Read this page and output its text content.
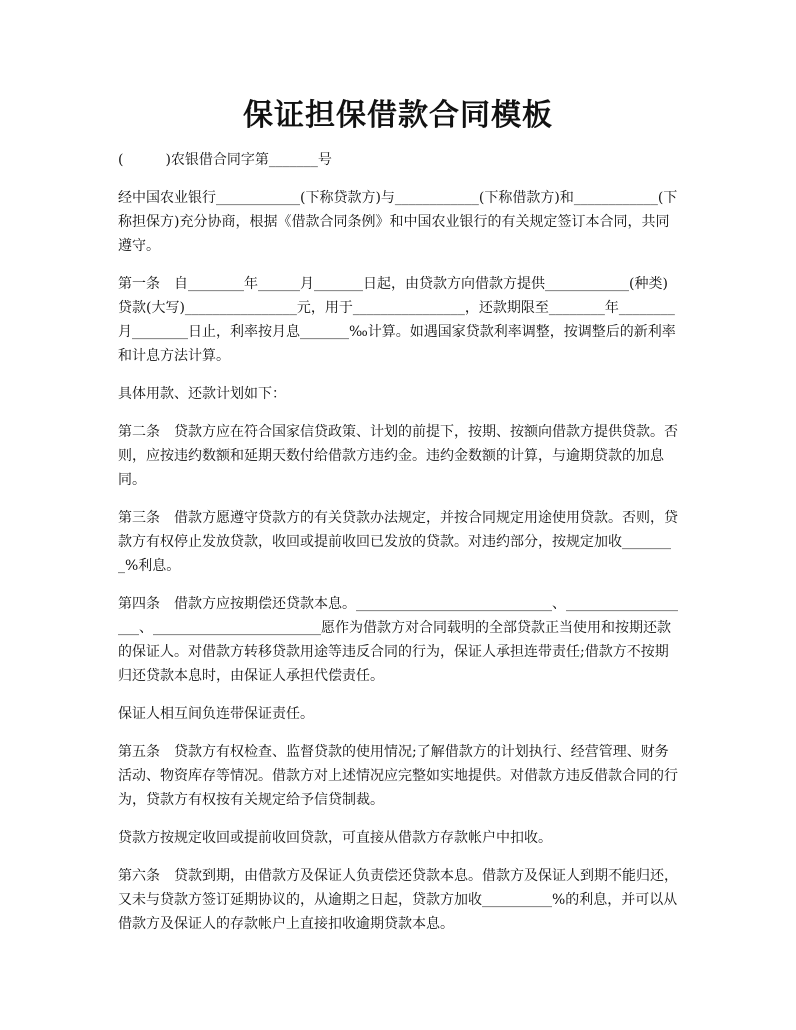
保证担保借款合同模板

(　　　)农银借合同字第_______号

经中国农业银行____________(下称贷款方)与____________(下称借款方)和____________(下称担保方)充分协商，根据《借款合同条例》和中国农业银行的有关规定签订本合同，共同遵守。

第一条　自________年______月_______日起，由贷款方向借款方提供____________(种类)贷款(大写)________________元，用于________________，还款期限至________年________月________日止，利率按月息_______‰计算。如遇国家贷款利率调整，按调整后的新利率和计息方法计算。

具体用款、还款计划如下：

第二条　贷款方应在符合国家信贷政策、计划的前提下，按期、按额向借款方提供贷款。否则，应按违约数额和延期天数付给借款方违约金。违约金数额的计算，与逾期贷款的加息同。

第三条　借款方愿遵守贷款方的有关贷款办法规定，并按合同规定用途使用贷款。否则，贷款方有权停止发放贷款，收回或提前收回已发放的贷款。对违约部分，按规定加收________%利息。

第四条　借款方应按期偿还贷款本息。____________________________、___________________、________________________愿作为借款方对合同载明的全部贷款正当使用和按期还款的保证人。对借款方转移贷款用途等违反合同的行为，保证人承担连带责任;借款方不按期归还贷款本息时，由保证人承担代偿责任。

保证人相互间负连带保证责任。

第五条　贷款方有权检查、监督贷款的使用情况;了解借款方的计划执行、经营管理、财务活动、物资库存等情况。借款方对上述情况应完整如实地提供。对借款方违反借款合同的行为，贷款方有权按有关规定给予信贷制裁。

贷款方按规定收回或提前收回贷款，可直接从借款方存款帐户中扣收。

第六条　贷款到期，由借款方及保证人负责偿还贷款本息。借款方及保证人到期不能归还，又未与贷款方签订延期协议的，从逾期之日起，贷款方加收__________%的利息，并可以从借款方及保证人的存款帐户上直接扣收逾期贷款本息。
